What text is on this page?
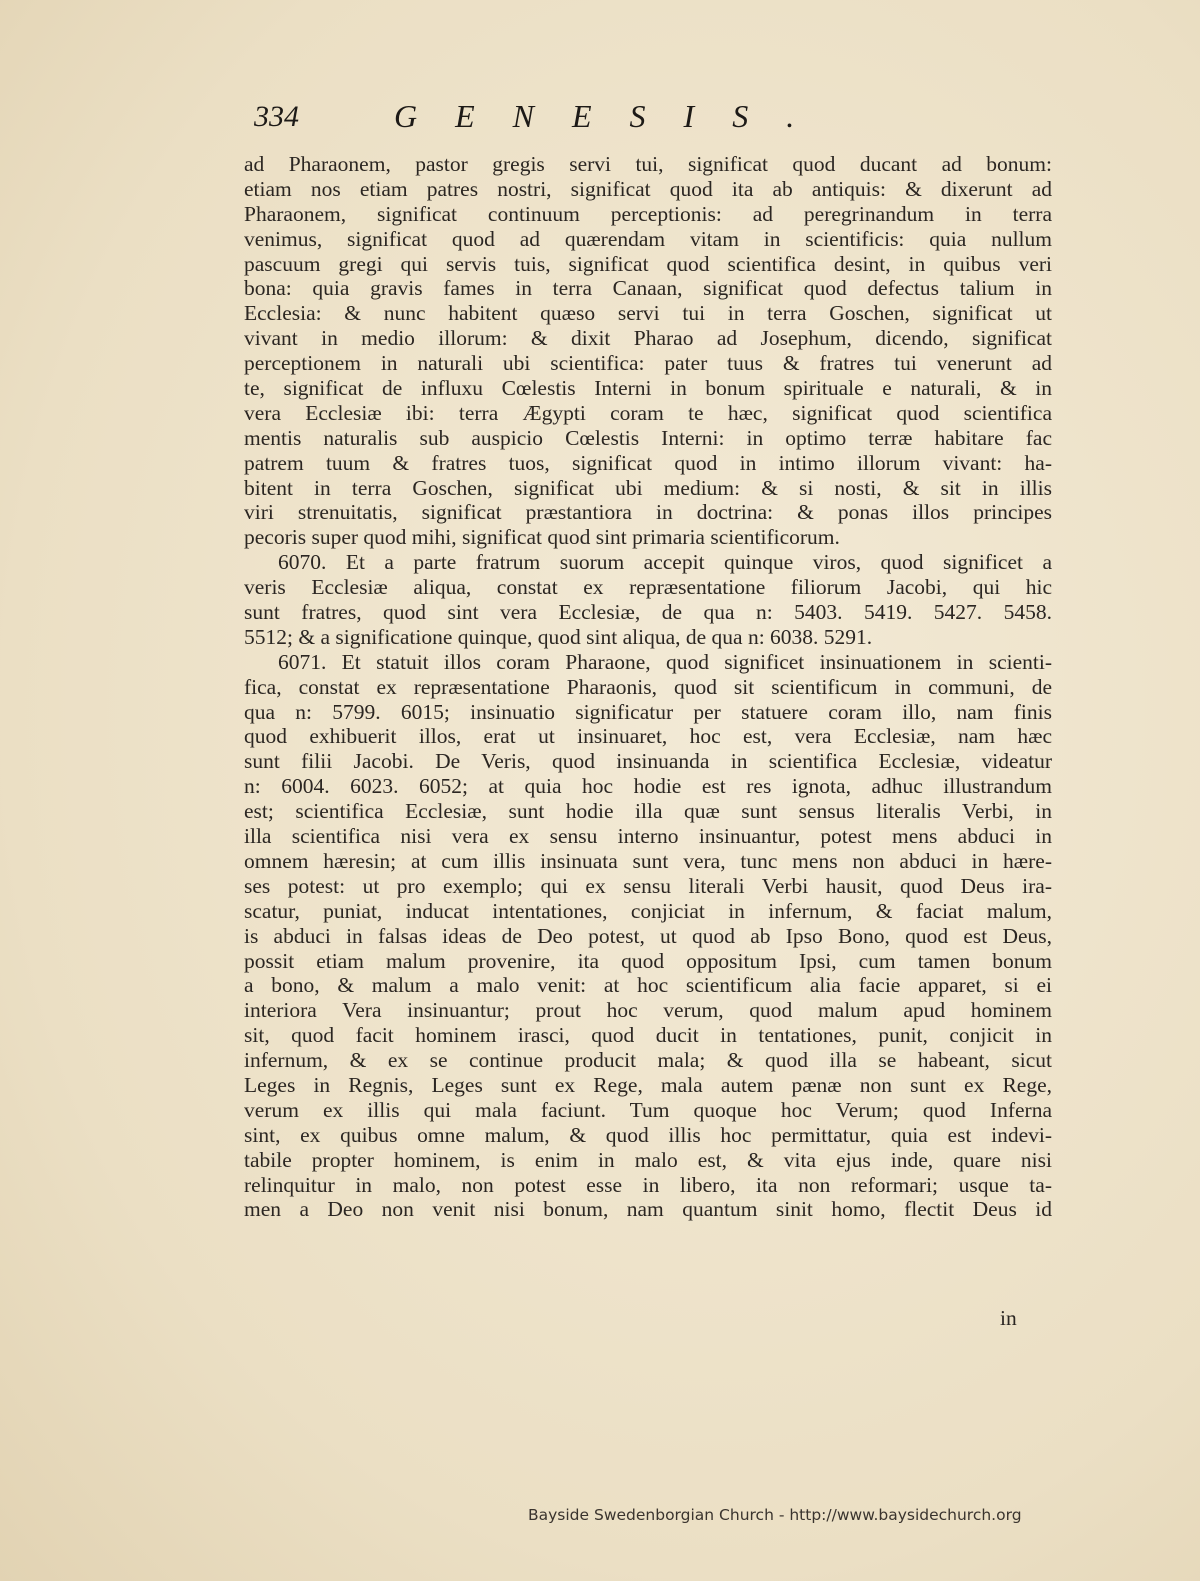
334	GENESIS.
ad Pharaonem, pastor gregis servi tui, significat quod ducant ad bonum:
etiam nos etiam patres nostri, significat quod ita ab antiquis: & dixerunt ad
Pharaonem, significat continuum perceptionis: ad peregrinandum in terra
venimus, significat quod ad quærendam vitam in scientificis: quia nullum
pascuum gregi qui servis tuis, significat quod scientifica desint, in quibus veri
bona: quia gravis fames in terra Canaan, significat quod defectus talium in
Ecclesia: & nunc habitent quæso servi tui in terra Goschen, significat ut
vivant in medio illorum: & dixit Pharao ad Josephum, dicendo, significat
perceptionem in naturali ubi scientifica: pater tuus & fratres tui venerunt ad
te, significat de influxu Cœlestis Interni in bonum spirituale e naturali, & in
vera Ecclesiæ ibi: terra Ægypti coram te hæc, significat quod scientifica
mentis naturalis sub auspicio Cœlestis Interni: in optimo terræ habitare fac
patrem tuum & fratres tuos, significat quod in intimo illorum vivant: ha-
bitent in terra Goschen, significat ubi medium: & si nosti, & sit in illis
viri strenuitatis, significat præstantiora in doctrina: & ponas illos principes
pecoris super quod mihi, significat quod sint primaria scientificorum.
6070. Et a parte fratrum suorum accepit quinque viros, quod significet a
veris Ecclesiæ aliqua, constat ex repræsentatione filiorum Jacobi, qui hic
sunt fratres, quod sint vera Ecclesiæ, de qua n: 5403. 5419. 5427. 5458.
5512; & a significatione quinque, quod sint aliqua, de qua n: 6038. 5291.
6071. Et statuit illos coram Pharaone, quod significet insinuationem in scienti-
fica, constat ex repræsentatione Pharaonis, quod sit scientificum in communi, de
qua n: 5799. 6015; insinuatio significatur per statuere coram illo, nam finis
quod exhibuerit illos, erat ut insinuaret, hoc est, vera Ecclesiæ, nam hæc
sunt filii Jacobi. De Veris, quod insinuanda in scientifica Ecclesiæ, videatur
n: 6004. 6023. 6052; at quia hoc hodie est res ignota, adhuc illustrandum
est; scientifica Ecclesiæ, sunt hodie illa quæ sunt sensus literalis Verbi, in
illa scientifica nisi vera ex sensu interno insinuantur, potest mens abduci in
omnem hæresin; at cum illis insinuata sunt vera, tunc mens non abduci in hære-
ses potest: ut pro exemplo; qui ex sensu literali Verbi hausit, quod Deus ira-
scatur, puniat, inducat intentationes, conjiciat in infernum, & faciat malum,
is abduci in falsas ideas de Deo potest, ut quod ab Ipso Bono, quod est Deus,
possit etiam malum provenire, ita quod oppositum Ipsi, cum tamen bonum
a bono, & malum a malo venit: at hoc scientificum alia facie apparet, si ei
interiora Vera insinuantur; prout hoc verum, quod malum apud hominem
sit, quod facit hominem irasci, quod ducit in tentationes, punit, conjicit in
infernum, & ex se continue producit mala; & quod illa se habeant, sicut
Leges in Regnis, Leges sunt ex Rege, mala autem pænæ non sunt ex Rege,
verum ex illis qui mala faciunt. Tum quoque hoc Verum; quod Inferna
sint, ex quibus omne malum, & quod illis hoc permittatur, quia est indevi-
tabile propter hominem, is enim in malo est, & vita ejus inde, quare nisi
relinquitur in malo, non potest esse in libero, ita non reformari; usque ta-
men a Deo non venit nisi bonum, nam quantum sinit homo, flectit Deus id
in
Bayside Swedenborgian Church - http://www.baysidechurch.org
